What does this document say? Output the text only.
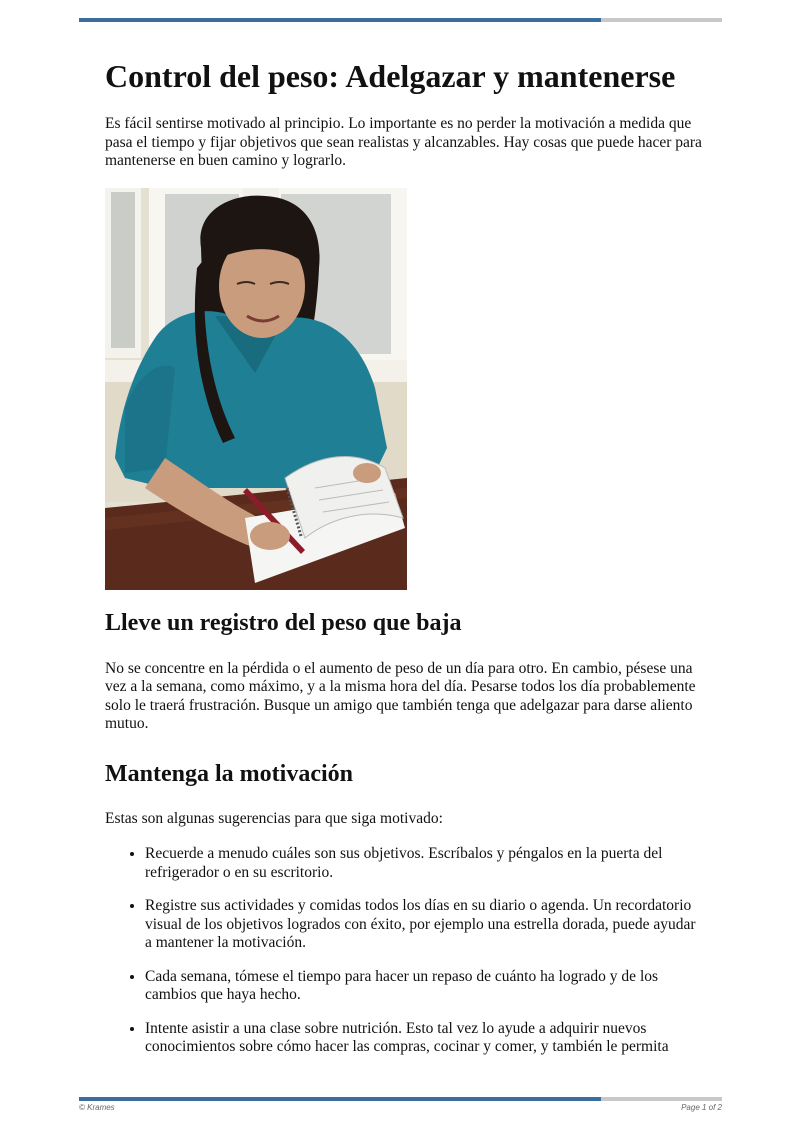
Control del peso: Adelgazar y mantenerse

Es fácil sentirse motivado al principio. Lo importante es no perder la motivación a medida que pasa el tiempo y fijar objetivos que sean realistas y alcanzables. Hay cosas que puede hacer para mantenerse en buen camino y lograrlo.

Lleve un registro del peso que baja

No se concentre en la pérdida o el aumento de peso de un día para otro. En cambio, pésese una vez a la semana, como máximo, y a la misma hora del día. Pesarse todos los día probablemente solo le traerá frustración. Busque un amigo que también tenga que adelgazar para darse aliento mutuo.

Mantenga la motivación

Estas son algunas sugerencias para que siga motivado:

• Recuerde a menudo cuáles son sus objetivos. Escríbalos y péngalos en la puerta del refrigerador o en su escritorio.
• Registre sus actividades y comidas todos los días en su diario o agenda. Un recordatorio visual de los objetivos logrados con éxito, por ejemplo una estrella dorada, puede ayudar a mantener la motivación.
• Cada semana, tómese el tiempo para hacer un repaso de cuánto ha logrado y de los cambios que haya hecho.
• Intente asistir a una clase sobre nutrición. Esto tal vez lo ayude a adquirir nuevos conocimientos sobre cómo hacer las compras, cocinar y comer, y también le permita
© Krames	Page 1 of 2
